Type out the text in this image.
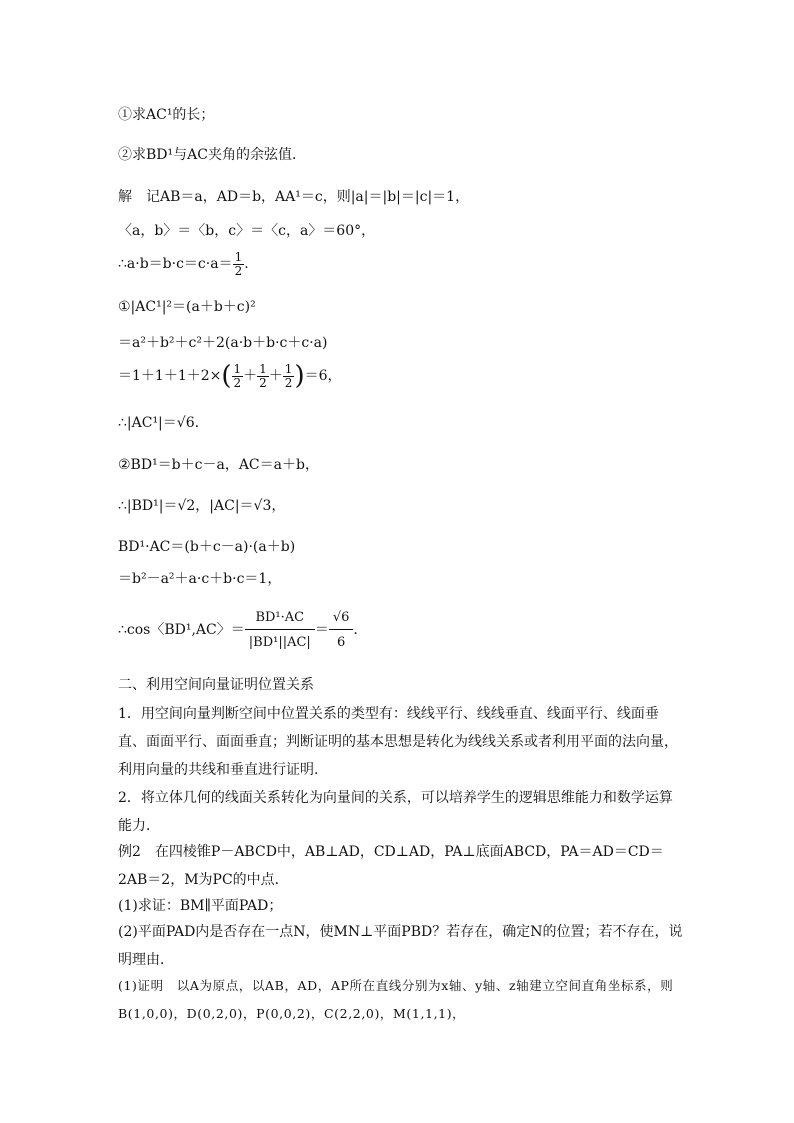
①求AC¹的长；
②求BD¹与AC夹角的余弦值．
解　记AB＝a，AD＝b，AA¹＝c，则|a|＝|b|＝|c|＝1，
〈a，b〉＝〈b，c〉＝〈c，a〉＝60°，
∴a·b＝b·c＝c·a＝ $\frac{1}{2}$ .
①|AC¹|²＝(a＋b＋c)²
＝a²＋b²＋c²＋2(a·b＋b·c＋c·a)
$=1+1+1+2\times( \frac{1}{2} + \frac{1}{2} + \frac{1}{2} )=6$，
∴|AC¹|＝√6.
②BD¹＝b＋c－a，AC＝a＋b，
∴|BD¹|＝√2，|AC|＝√3，
BD¹·AC＝(b＋c－a)·(a＋b)
＝b²－a²＋a·c＋b·c＝1，
∴cos〈BD¹,AC〉＝ $\frac{\text{BD¹·AC}}{\text{|BD¹||AC|}} = \frac{√6}{6}$ .
二、利用空间向量证明位置关系
1．用空间向量判断空间中位置关系的类型有：线线平行、线线垂直、线面平行、线面垂直、面面平行、面面垂直；判断证明的基本思想是转化为线线关系或者利用平面的法向量，利用向量的共线和垂直进行证明.
2．将立体几何的线面关系转化为向量间的关系，可以培养学生的逻辑思维能力和数学运算能力．
例2　在四棱锥P－ABCD中，AB⊥AD，CD⊥AD，PA⊥底面ABCD，PA＝AD＝CD＝2AB＝2，M为PC的中点．
(1)求证：BM∥平面PAD；
(2)平面PAD内是否存在一点N，使MN⊥平面PBD？若存在，确定N的位置；若不存在，说明理由．
(1)证明　以A为原点，以AB，AD，AP所在直线分别为x轴、y轴、z轴建立空间直角坐标系，则B(1,0,0)，D(0,2,0)，P(0,0,2)，C(2,2,0)，M(1,1,1)，
